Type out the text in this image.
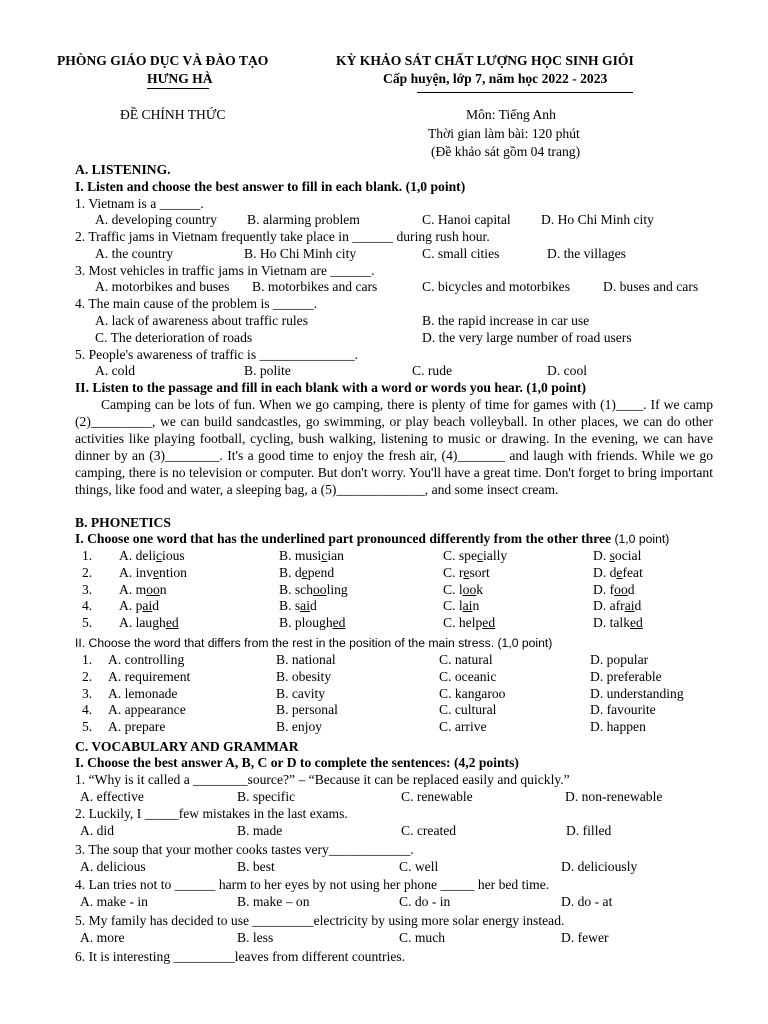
PHÒNG GIÁO DỤC VÀ ĐÀO TẠO
HƯNG HÀ
KỲ KHẢO SÁT CHẤT LƯỢNG HỌC SINH GIỎI
Cấp huyện, lớp 7, năm học 2022 - 2023
ĐỀ CHÍNH THỨC	Môn: Tiếng Anh
Thời gian làm bài: 120 phút
(Đề khảo sát gồm 04 trang)
A. LISTENING.
I. Listen and choose the best answer to fill in each blank. (1,0 point)
1. Vietnam is a ______.
A. developing country B. alarming problem	C. Hanoi capital D. Ho Chi Minh city
2. Traffic jams in Vietnam frequently take place in ______ during rush hour.
A. the country	B. Ho Chi Minh city	C. small cities	D. the villages
3. Most vehicles in traffic jams in Vietnam are ______.
A. motorbikes and buses B. motorbikes and cars	C. bicycles and motorbikes D. buses and cars
4. The main cause of the problem is ______.
A. lack of awareness about traffic rules	B. the rapid increase in car use
C. The deterioration of roads	D. the very large number of road users
5. People's awareness of traffic is ______________.
A. cold	B. polite	C. rude	D. cool
II. Listen to the passage and fill in each blank with a word or words you hear. (1,0 point)
Camping can be lots of fun. When we go camping, there is plenty of time for games with (1)____. If we camp (2)_________, we can build sandcastles, go swimming, or play beach volleyball. In other places, we can do other activities like playing football, cycling, bush walking, listening to music or drawing. In the evening, we can have dinner by an (3)________. It's a good time to enjoy the fresh air, (4)_______ and laugh with friends. While we go camping, there is no television or computer. But don't worry. You'll have a great time. Don't forget to bring important things, like food and water, a sleeping bag, a (5)_____________, and some insect cream.
B. PHONETICS
I. Choose one word that has the underlined part pronounced differently from the other three (1,0 point)
1. A. delicious	B. musician	C. specially	D. social
2. A. invention	B. depend	C. resort	D. defeat
3. A. moon	B. schooling	C. look	D. food
4. A. paid	B. said	C. lain	D. afraid
5. A. laughed	B. ploughed	C. helped	D. talked
II. Choose the word that differs from the rest in the position of the main stress. (1,0 point)
1. A. controlling	B. national	C. natural	D. popular
2. A. requirement	B. obesity	C. oceanic	D. preferable
3. A. lemonade	B. cavity	C. kangaroo	D. understanding
4. A. appearance	B. personal	C. cultural	D. favourite
5. A. prepare	B. enjoy	C. arrive	D. happen
C. VOCABULARY AND GRAMMAR
I. Choose the best answer A, B, C or D to complete the sentences: (4,2 points)
1. “Why is it called a ________source?” – “Because it can be replaced easily and quickly.”
A. effective	B. specific	C. renewable	D. non-renewable
2. Luckily, I _____few mistakes in the last exams.
A. did	B. made	C. created	D. filled
3. The soup that your mother cooks tastes very____________.
A. delicious	B. best	C. well	D. deliciously
4. Lan tries not to ______ harm to her eyes by not using her phone _____ her bed time.
A. make - in	B. make – on	C. do - in	D. do - at
5. My family has decided to use _________electricity by using more solar energy instead.
A. more	B. less	C. much	D. fewer
6. It is interesting _________leaves from different countries.
